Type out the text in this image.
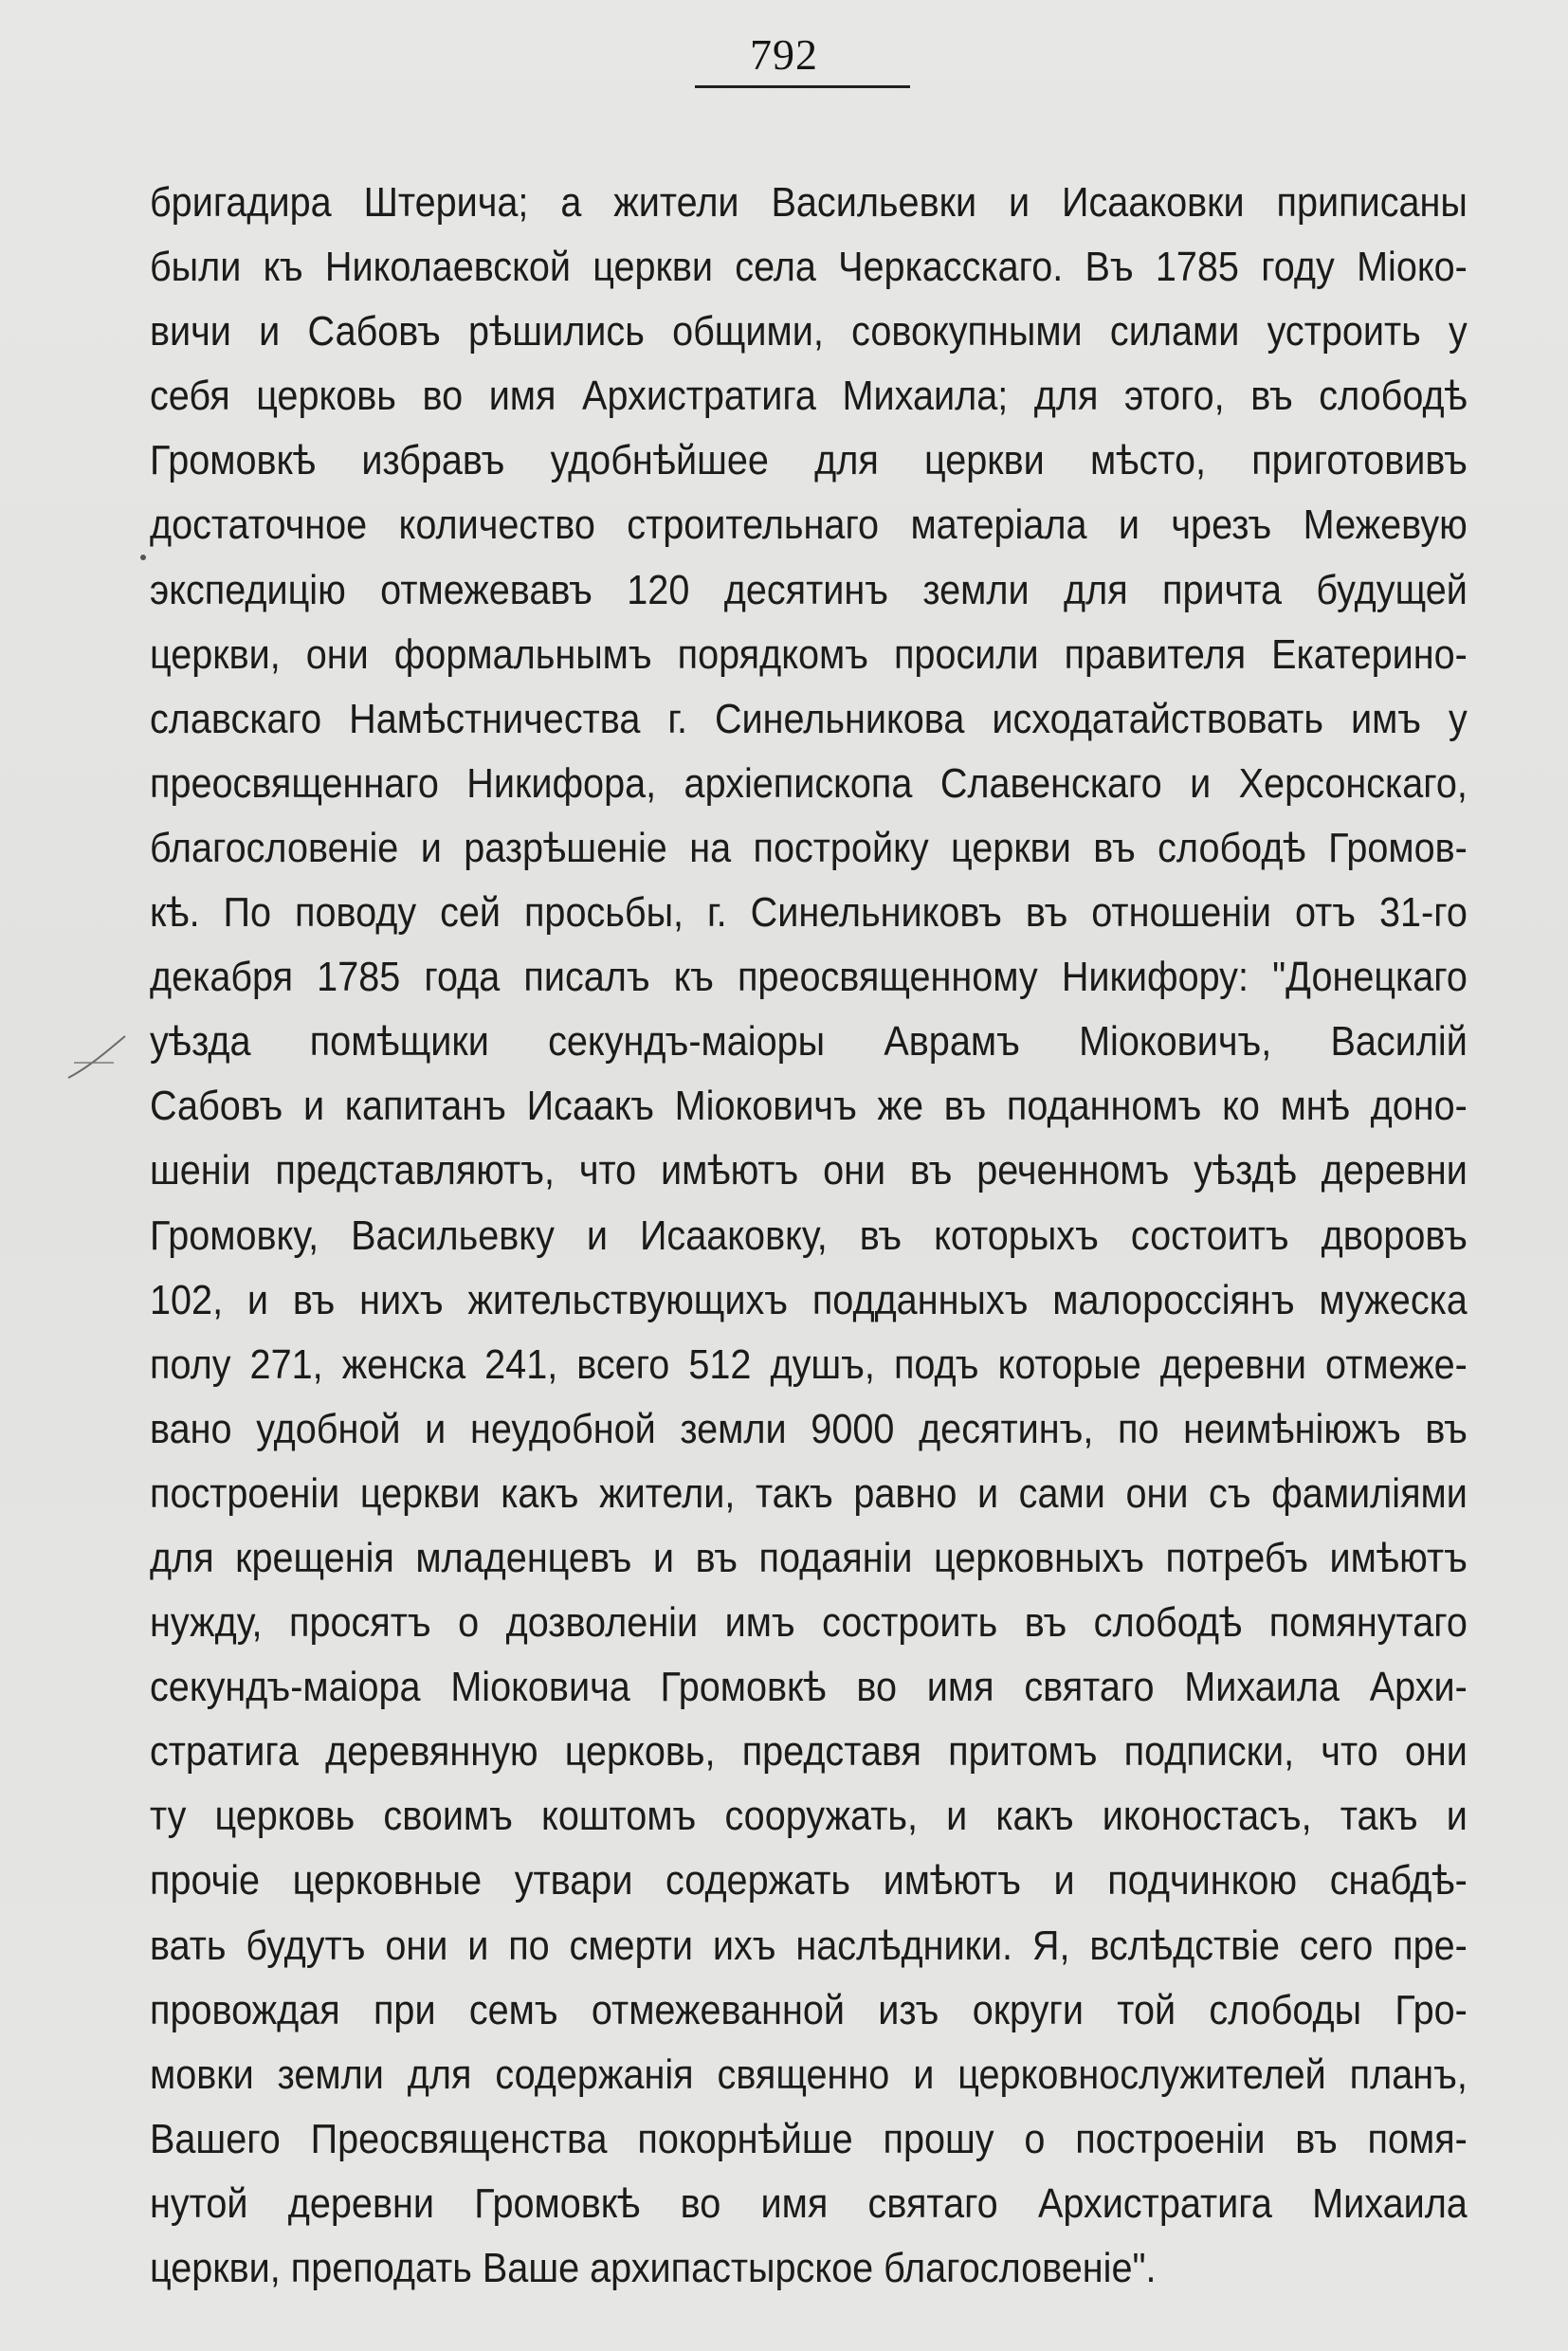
792
бригадира Штерича; а жители Васильевки и Исааковки приписаны
были къ Николаевской церкви села Черкасскаго. Въ 1785 году Міоко-
вичи и Сабовъ рѣшились общими, совокупными силами устроить у
себя церковь во имя Архистратига Михаила; для этого, въ слободѣ
Громовкѣ избравъ удобнѣйшее для церкви мѣсто, приготовивъ
достаточное количество строительнаго матеріала и чрезъ Межевую
экспедицію отмежевавъ 120 десятинъ земли для причта будущей
церкви, они формальнымъ порядкомъ просили правителя Екатерино-
славскаго Намѣстничества г. Синельникова исходатайствовать имъ у
преосвященнаго Никифора, архіепископа Славенскаго и Херсонскаго,
благословеніе и разрѣшеніе на постройку церкви въ слободѣ Громов-
кѣ. По поводу сей просьбы, г. Синельниковъ въ отношеніи отъ 31-го
декабря 1785 года писалъ къ преосвященному Никифору: "Донецкаго
уѣзда помѣщики секундъ-маіоры Аврамъ Міоковичъ, Василій
Сабовъ и капитанъ Исаакъ Міоковичъ же въ поданномъ ко мнѣ доно-
шеніи представляютъ, что имѣютъ они въ реченномъ уѣздѣ деревни
Громовку, Васильевку и Исааковку, въ которыхъ состоитъ дворовъ
102, и въ нихъ жительствующихъ подданныхъ малороссіянъ мужеска
полу 271, женска 241, всего 512 душъ, подъ которые деревни отмеже-
вано удобной и неудобной земли 9000 десятинъ, по неимѣніюжъ въ
построеніи церкви какъ жители, такъ равно и сами они съ фамиліями
для крещенія младенцевъ и въ подаяніи церковныхъ потребъ имѣютъ
нужду, просятъ о дозволеніи имъ состроить въ слободѣ помянутаго
секундъ-маіора Міоковича Громовкѣ во имя святаго Михаила Архи-
стратига деревянную церковь, представя притомъ подписки, что они
ту церковь своимъ коштомъ сооружать, и какъ иконостасъ, такъ и
прочіе церковные утвари содержать имѣютъ и подчинкою снабдѣ-
вать будутъ они и по смерти ихъ наслѣдники. Я, вслѣдствіе сего пре-
провождая при семъ отмежеванной изъ округи той слободы Гро-
мовки земли для содержанія священно и церковнослужителей планъ,
Вашего Преосвященства покорнѣйше прошу о построеніи въ помя-
нутой деревни Громовкѣ во имя святаго Архистратига Михаила
церкви, преподать Ваше архипастырское благословеніе".
